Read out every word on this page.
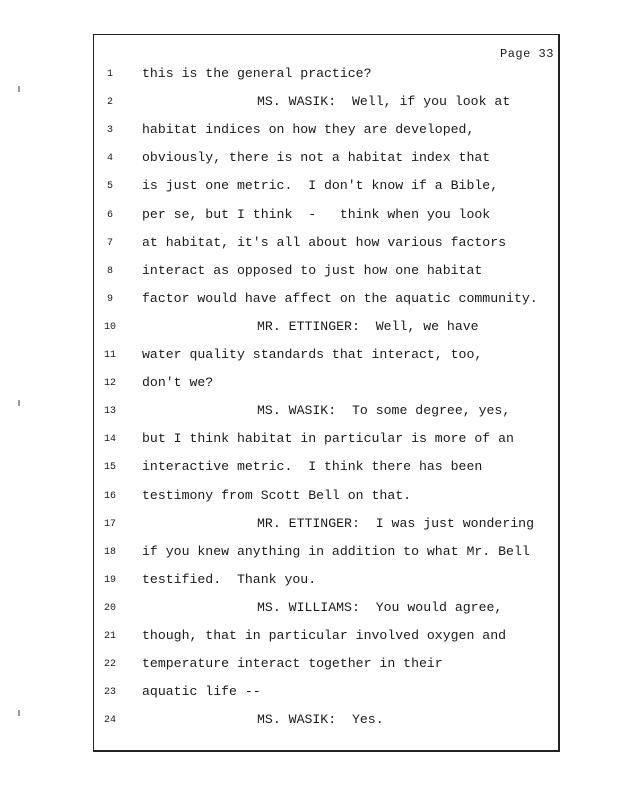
Page 33
1	this is the general practice?
2	MS. WASIK:  Well, if you look at
3	habitat indices on how they are developed,
4	obviously, there is not a habitat index that
5	is just one metric.  I don't know if a Bible,
6	per se, but I think  -   think when you look
7	at habitat, it's all about how various factors
8	interact as opposed to just how one habitat
9	factor would have affect on the aquatic community.
10	MR. ETTINGER:  Well, we have
11	water quality standards that interact, too,
12	don't we?
13	MS. WASIK:  To some degree, yes,
14	but I think habitat in particular is more of an
15	interactive metric.  I think there has been
16	testimony from Scott Bell on that.
17	MR. ETTINGER:  I was just wondering
18	if you knew anything in addition to what Mr. Bell
19	testified.  Thank you.
20	MS. WILLIAMS:  You would agree,
21	though, that in particular involved oxygen and
22	temperature interact together in their
23	aquatic life --
24	MS. WASIK:  Yes.
